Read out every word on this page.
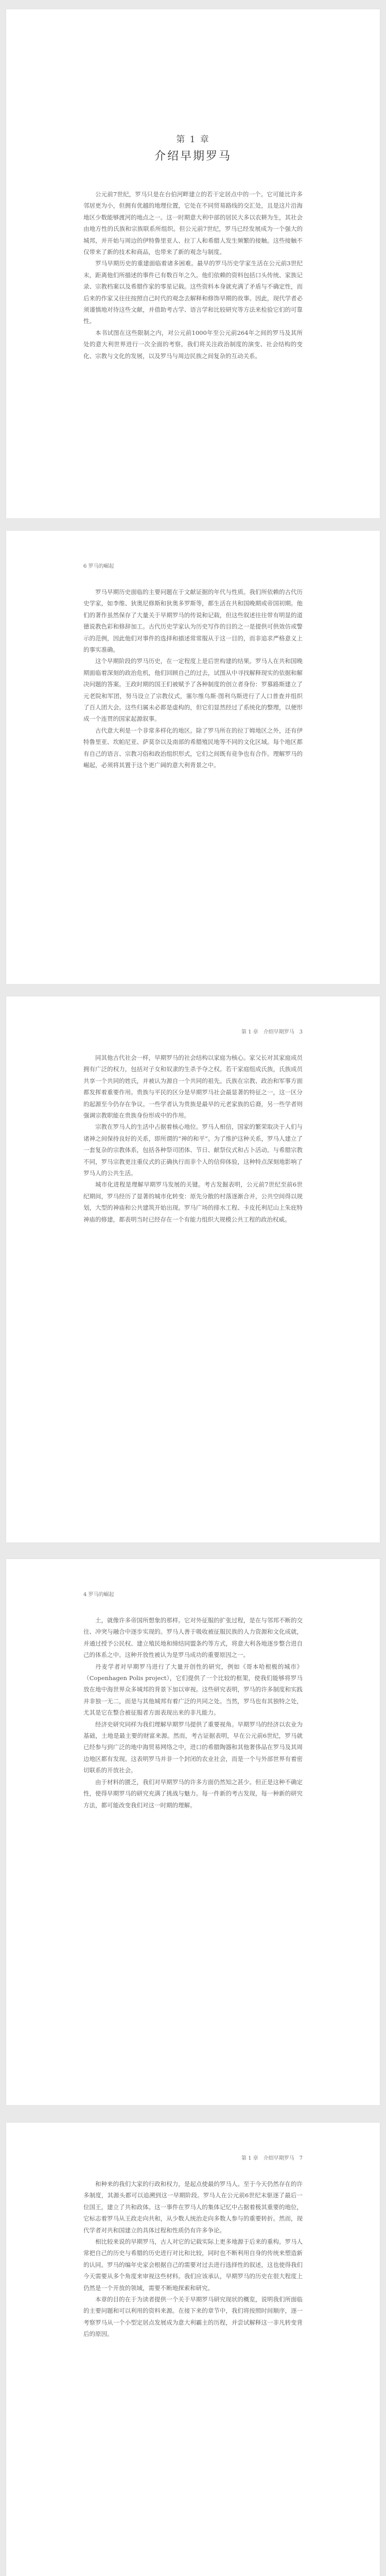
第 1 章
介绍早期罗马

公元前7世纪，罗马只是在台伯河畔建立的若干定居点中的一个。它可能比许多邻居更为小，但拥有优越的地理位置，它处在不同贸易路线的交汇处，且是这片沿海地区少数能够渡河的地点之一。这一时期意大利中部的居民大多以农耕为生，其社会由地方性的氏族和宗族联系所组织。但公元前7世纪，罗马已经发展成为一个强大的城邦，并开始与周边的伊特鲁里亚人、拉丁人和希腊人发生频繁的接触。这些接触不仅带来了新的技术和商品，也带来了新的观念与制度。

罗马早期历史的重建面临着诸多困难。最早的罗马历史学家生活在公元前3世纪末，距离他们所描述的事件已有数百年之久。他们依赖的资料包括口头传统、家族记录、宗教档案以及希腊作家的零星记载。这些资料本身就充满了矛盾与不确定性，而后来的作家又往往按照自己时代的观念去解释和修饰早期的故事。因此，现代学者必须谨慎地对待这些文献，并借助考古学、语言学和比较研究等方法来检验它们的可靠性。

本书试图在这些限制之内，对公元前1000年至公元前264年之间的罗马及其所处的意大利世界进行一次全面的考察。我们将关注政治制度的演变、社会结构的变化、宗教与文化的发展，以及罗马与周边民族之间复杂的互动关系。

6 罗马的崛起

罗马早期历史面临的主要问题在于文献证据的年代与性质。我们所依赖的古代历史学家，如李维、狄奥尼修斯和狄奥多罗斯等，都生活在共和国晚期或帝国初期。他们的著作虽然保存了大量关于早期罗马的传说和记载，但这些叙述往往带有明显的道德说教色彩和修辞加工。古代历史学家认为历史写作的目的之一是提供可供效仿或警示的范例，因此他们对事件的选择和描述常常服从于这一目的，而非追求严格意义上的事实准确。

这个早期阶段的罗马历史，在一定程度上是后世构建的结果。罗马人在共和国晚期面临着深刻的政治危机，他们回顾自己的过去，试图从中寻找解释现实的依据和解决问题的答案。王政时期的国王们被赋予了各种制度的创立者身份：罗慕路斯建立了元老院和军团，努马设立了宗教仪式，塞尔维乌斯·图利乌斯进行了人口普查并组织了百人团大会。这些归属未必都是虚构的，但它们显然经过了系统化的整理，以便形成一个连贯的国家起源叙事。

古代意大利是一个非常多样化的地区。除了罗马所在的拉丁姆地区之外，还有伊特鲁里亚、坎帕尼亚、萨莫奈以及南部的希腊殖民地等不同的文化区域。每个地区都有自己的语言、宗教习俗和政治组织形式，它们之间既有竞争也有合作。理解罗马的崛起，必须将其置于这个更广阔的意大利背景之中。

第 1 章　介绍早期罗马　3

同其他古代社会一样，早期罗马的社会结构以家庭为核心。家父长对其家庭成员拥有广泛的权力，包括对子女和奴隶的生杀予夺之权。若干家庭组成氏族，氏族成员共享一个共同的姓氏，并被认为源自一个共同的祖先。氏族在宗教、政治和军事方面都发挥着重要作用。贵族与平民的区分是早期罗马社会最显著的特征之一，这一区分的起源至今仍存在争议。一些学者认为贵族是最早的元老家族的后裔，另一些学者则强调宗教职能在贵族身份形成中的作用。

宗教在罗马人的生活中占据着核心地位。罗马人相信，国家的繁荣取决于人们与诸神之间保持良好的关系，即所谓的“神的和平”。为了维护这种关系，罗马人建立了一套复杂的宗教体系，包括各种祭司团体、节日、献祭仪式和占卜活动。与希腊宗教不同，罗马宗教更注重仪式的正确执行而非个人的信仰体验，这种特点深刻地影响了罗马人的公共生活。

城市化进程是理解早期罗马发展的关键。考古发掘表明，公元前7世纪至前6世纪期间，罗马经历了显著的城市化转变：原先分散的村落逐渐合并，公共空间得以规划，大型的神庙和公共建筑开始出现。罗马广场的排水工程、卡皮托利尼山上朱庇特神庙的修建，都表明当时已经存在一个有能力组织大规模公共工程的政治权威。

4 罗马的崛起

土，就像许多帝国所想象的那样。它对外征服的扩张过程，是在与邻邦不断的交往、冲突与融合中逐步实现的。罗马人善于吸收被征服民族的人力资源和文化成就，并通过授予公民权、建立殖民地和缔结同盟条约等方式，将意大利各地逐步整合进自己的体系之中。这种开放性被认为是罗马成功的重要原因之一。

丹麦学者对早期罗马进行了大量开创性的研究，例如《哥本哈根极的城市》（Copenhagen Polis project），它们提供了一个比较的框架，使我们能够将罗马放在地中海世界众多城邦的背景下加以审视。这些研究表明，罗马的许多制度和实践并非独一无二，而是与其他城邦有着广泛的共同之处。当然，罗马也有其独特之处，尤其是它在整合被征服者方面表现出来的非凡能力。

经济史研究同样为我们理解早期罗马提供了重要视角。早期罗马的经济以农业为基础，土地是最主要的财富来源。然而，考古证据表明，早在公元前6世纪，罗马就已经参与到广泛的地中海贸易网络之中，进口的希腊陶器和其他奢侈品在罗马及其周边地区都有发现。这表明罗马并非一个封闭的农业社会，而是一个与外部世界有着密切联系的开放社会。

由于材料的匮乏，我们对早期罗马的许多方面仍然知之甚少。但正是这种不确定性，使得早期罗马的研究充满了挑战与魅力。每一件新的考古发现，每一种新的研究方法，都可能改变我们对这一时期的理解。

第 1 章　介绍早期罗马　7

和种来的我们大家的行政和权力，是起点使最的罗马人。至于今天仍然存在的许多制度，其源头都可以追溯到这一早期阶段。罗马人在公元前6世纪末驱逐了最后一位国王，建立了共和政体。这一事件在罗马人的集体记忆中占据着极其重要的地位，它标志着罗马从王政走向共和，从少数人统治走向多数人参与的重要转折。然而，现代学者对共和国建立的具体过程和性质仍有许多争论。

相比较来说的早期罗马，古人对它的记载实际上更多地源于后来的重构。罗马人常把自己的历史与希腊的历史进行对比和比较，同时也不断利用自身的传统来塑造新的认同。罗马的编年史家会根据自己的需要对过去进行选择性的叙述，这也使得我们今天需要从多个角度来审视这些材料。我们应该承认，早期罗马的历史在很大程度上仍然是一个开放的领域，需要不断地探索和研究。

本章的目的在于为读者提供一个关于早期罗马研究现状的概览，说明我们所面临的主要问题和可以利用的资料来源。在接下来的章节中，我们将按照时间顺序，逐一考察罗马从一个小型定居点发展成为意大利霸主的历程，并尝试解释这一非凡转变背后的原因。
